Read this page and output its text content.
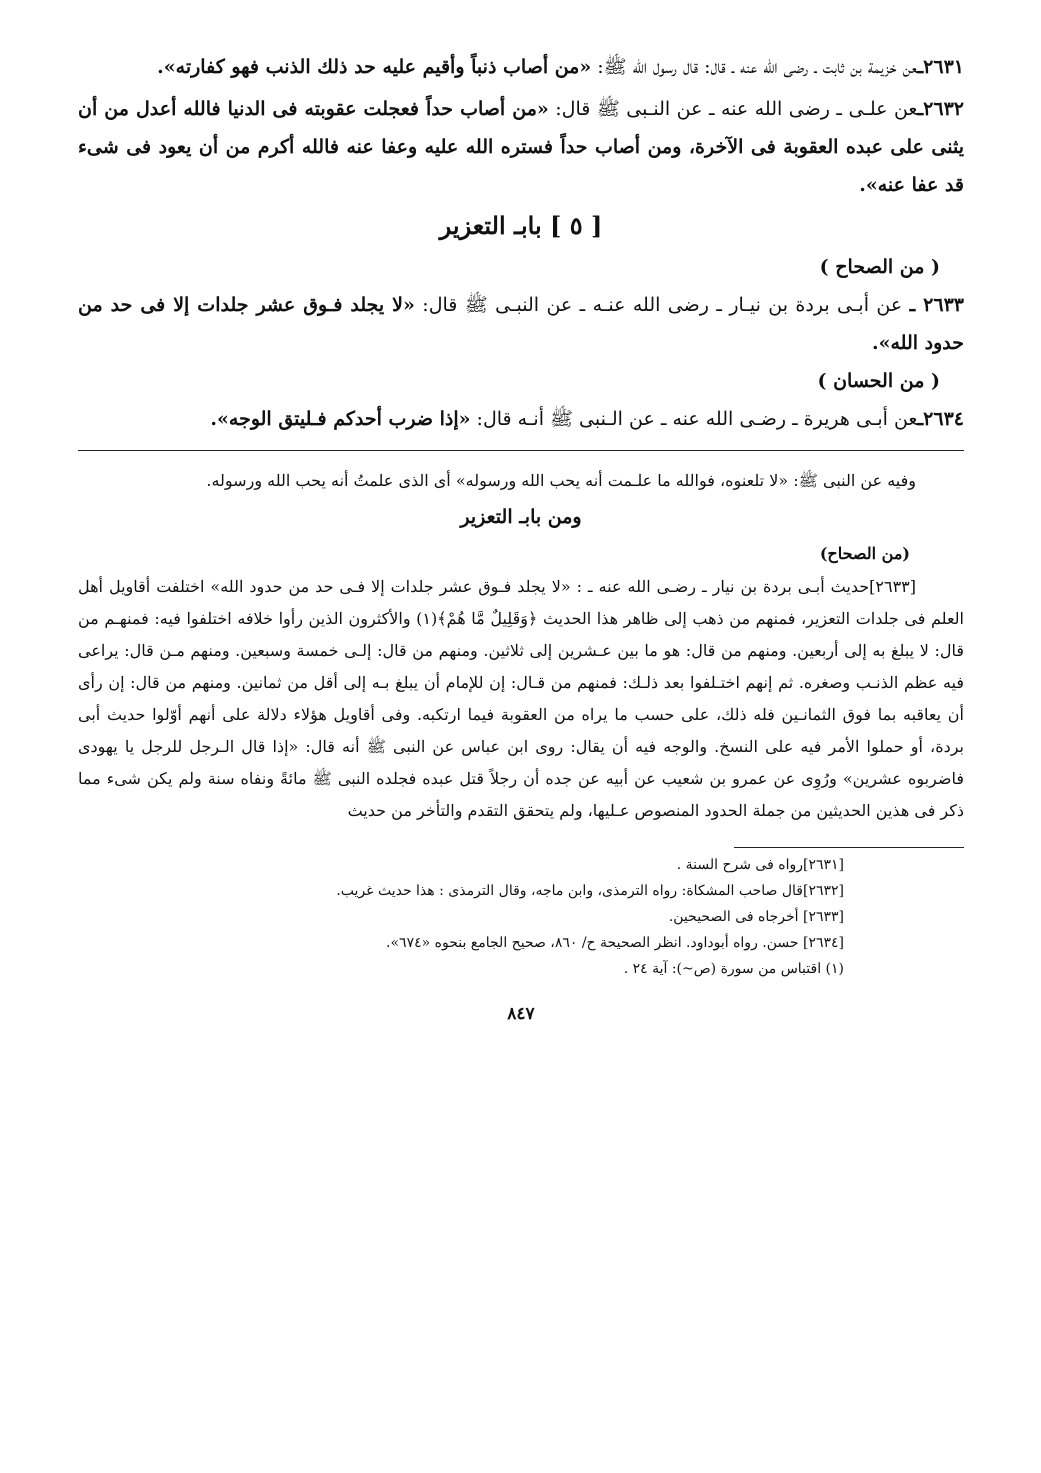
٢٦٣١ـعن خزيمة بن ثابت ـ رضى الله عنه ـ قال: قال رسول الله ﷺ: «من أصاب ذنباً وأقيم عليه حد ذلك الذنب فهو كفارته».

٢٦٣٢ـعن علـى ـ رضى الله عنه ـ عن النـبى ﷺ قال: «من أصاب حداً فعجلت عقوبته فى الدنيا فالله أعدل من أن يثنى على عبده العقوبة فى الآخرة، ومن أصاب حداً فستره الله عليه وعفا عنه فالله أكرم من أن يعود فى شىء قد عفا عنه».

[ ٥ ] بابـ التعزير
( من الصحاح )

٢٦٣٣ ـ عن أبـى بردة بن نيـار ـ رضى الله عنـه ـ عن النبـى ﷺ قال: «لا يجلد فـوق عشر جلدات إلا فى حد من حدود الله».

( من الحسان )

٢٦٣٤ـعن أبـى هريرة ـ رضـى الله عنه ـ عن الـنبى ﷺ أنـه قال: «إذا ضرب أحدكم فـليتق الوجه».

وفيه عن النبى ﷺ: «لا تلعنوه، فوالله ما علـمت أنه يحب الله ورسوله» أى الذى علمتُ أنه يحب الله ورسوله.

ومن بابـ التعزير
(من الصحاح)

[٢٦٣٣]حديث أبـى بردة بن نيار ـ رضـى الله عنه ـ : «لا يجلد فـوق عشر جلدات إلا فـى حد من حدود الله» اختلفت أقاويل أهل العلم فى جلدات التعزير، فمنهم من ذهب إلى ظاهر هذا الحديث ﴿وَقَلِيلٌ مَّا هُمْ﴾(١) والأكثرون الذين رأوا خلافه اختلفوا فيه: فمنهـم من قال: لا يبلغ به إلى أربعين. ومنهم من قال: هو ما بين عـشرين إلى ثلاثين. ومنهم من قال: إلـى خمسة وسبعين. ومنهم مـن قال: يراعى فيه عظم الذنـب وصغره. ثم إنهم اختـلفوا بعد ذلـك: فمنهم من قـال: إن للإمام أن يبلغ بـه إلى أقل من ثمانين. ومنهم من قال: إن رأى أن يعاقبه بما فوق الثمانـين فله ذلك، على حسب ما يراه من العقوبة فيما ارتكبه. وفى أقاويل هؤلاء دلالة على أنهم أوّلوا حديث أبى بردة، أو حملوا الأمر فيه على النسخ. والوجه فيه أن يقال: روى ابن عباس عن النبى ﷺ أنه قال: «إذا قال الـرجل للرجل يا يهودى فاضربوه عشرين» ورُوِى عن عمرو بن شعيب عن أبيه عن جده أن رجلاً قتل عبده فجلده النبى ﷺ مائةً ونفاه سنة ولم يكن شىء مما ذكر فى هذين الحديثين من جملة الحدود المنصوص عـليها، ولم يتحقق التقدم والتأخر من حديث

[٢٦٣١]رواه فى شرح السنة .
[٢٦٣٢]قال صاحب المشكاة: رواه الترمذى، وابن ماجه، وقال الترمذى : هذا حديث غريب.
[٢٦٣٣] أخرجاه فى الصحيحين.
[٢٦٣٤] حسن. رواه أبوداود. انظر الصحيحة ح/ ٨٦٠، صحيح الجامع بنحوه «٦٧٤».
(١) اقتباس من سورة (ص~): آية ٢٤ .
٨٤٧
